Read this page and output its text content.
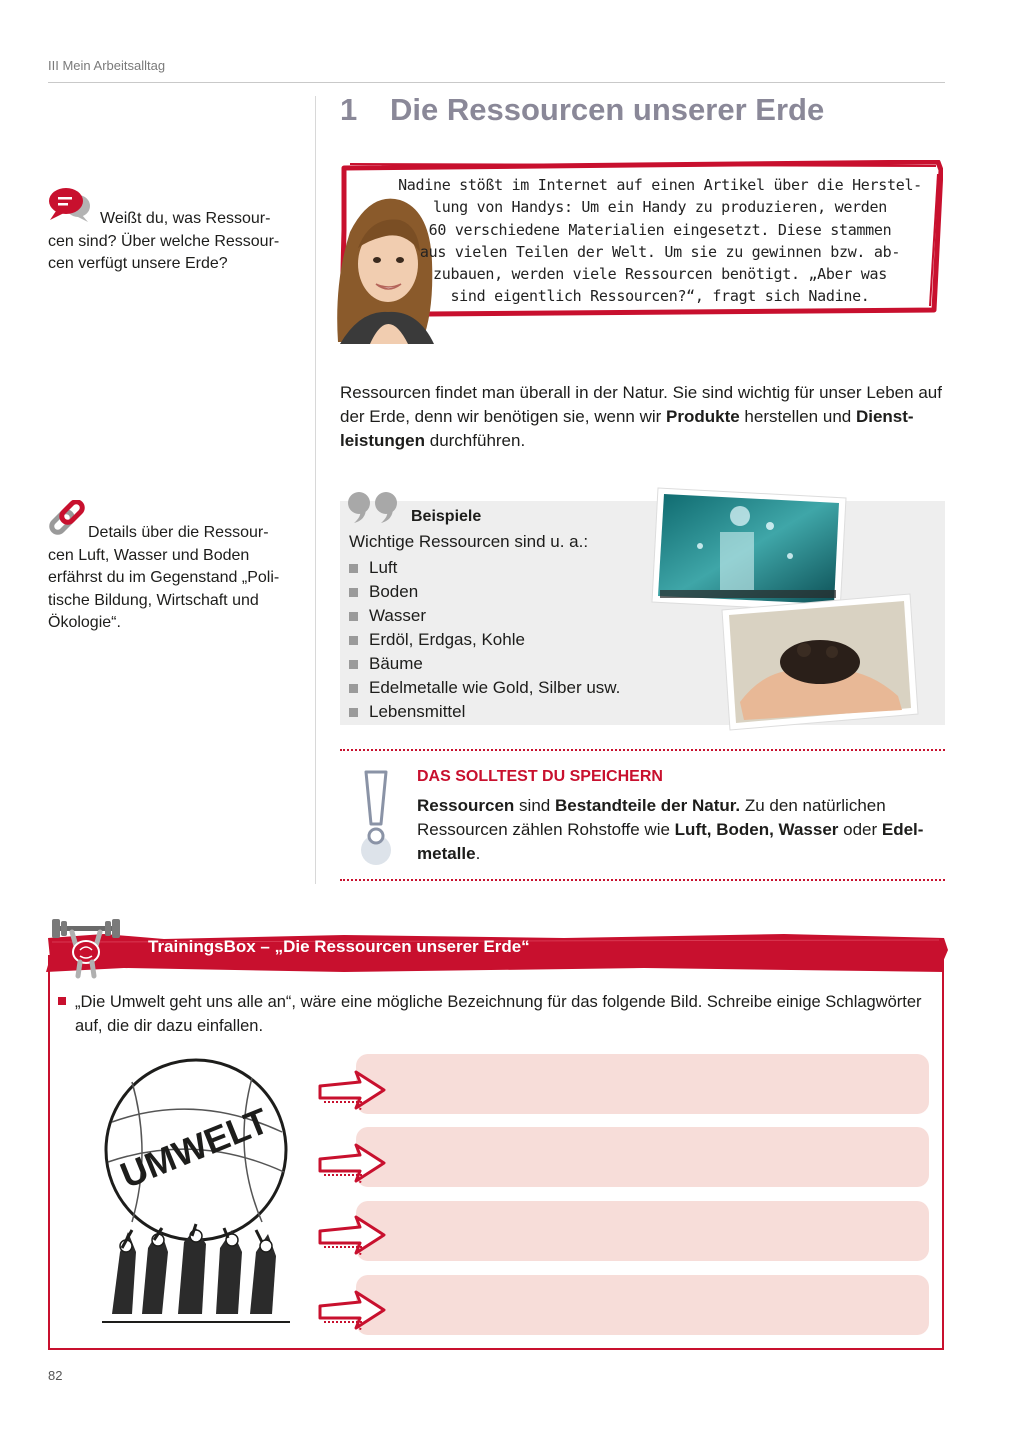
III Mein Arbeitsalltag
1 Die Ressourcen unserer Erde
Weißt du, was Ressour-
cen sind? Über welche Ressour-
cen verfügt unsere Erde?
Details über die Ressour-
cen Luft, Wasser und Boden
erfährst du im Gegenstand „Poli-
tische Bildung, Wirtschaft und
Ökologie“.
Nadine stößt im Internet auf einen Artikel über die Herstel-
lung von Handys: Um ein Handy zu produzieren, werden
60 verschiedene Materialien eingesetzt. Diese stammen
aus vielen Teilen der Welt. Um sie zu gewinnen bzw. ab-
zubauen, werden viele Ressourcen benötigt. „Aber was
sind eigentlich Ressourcen?“, fragt sich Nadine.
Ressourcen findet man überall in der Natur. Sie sind wichtig für unser Leben auf der Erde, denn wir benötigen sie, wenn wir Produkte herstellen und Dienstleistungen durchführen.
Beispiele
Wichtige Ressourcen sind u. a.:
Luft
Boden
Wasser
Erdöl, Erdgas, Kohle
Bäume
Edelmetalle wie Gold, Silber usw.
Lebensmittel
DAS SOLLTEST DU SPEICHERN
Ressourcen sind Bestandteile der Natur. Zu den natürlichen Ressourcen zählen Rohstoffe wie Luft, Boden, Wasser oder Edelmetalle.
TrainingsBox – „Die Ressourcen unserer Erde“
„Die Umwelt geht uns alle an“, wäre eine mögliche Bezeichnung für das folgende Bild. Schreibe einige Schlagwörter auf, die dir dazu einfallen.
UMWELT
82
